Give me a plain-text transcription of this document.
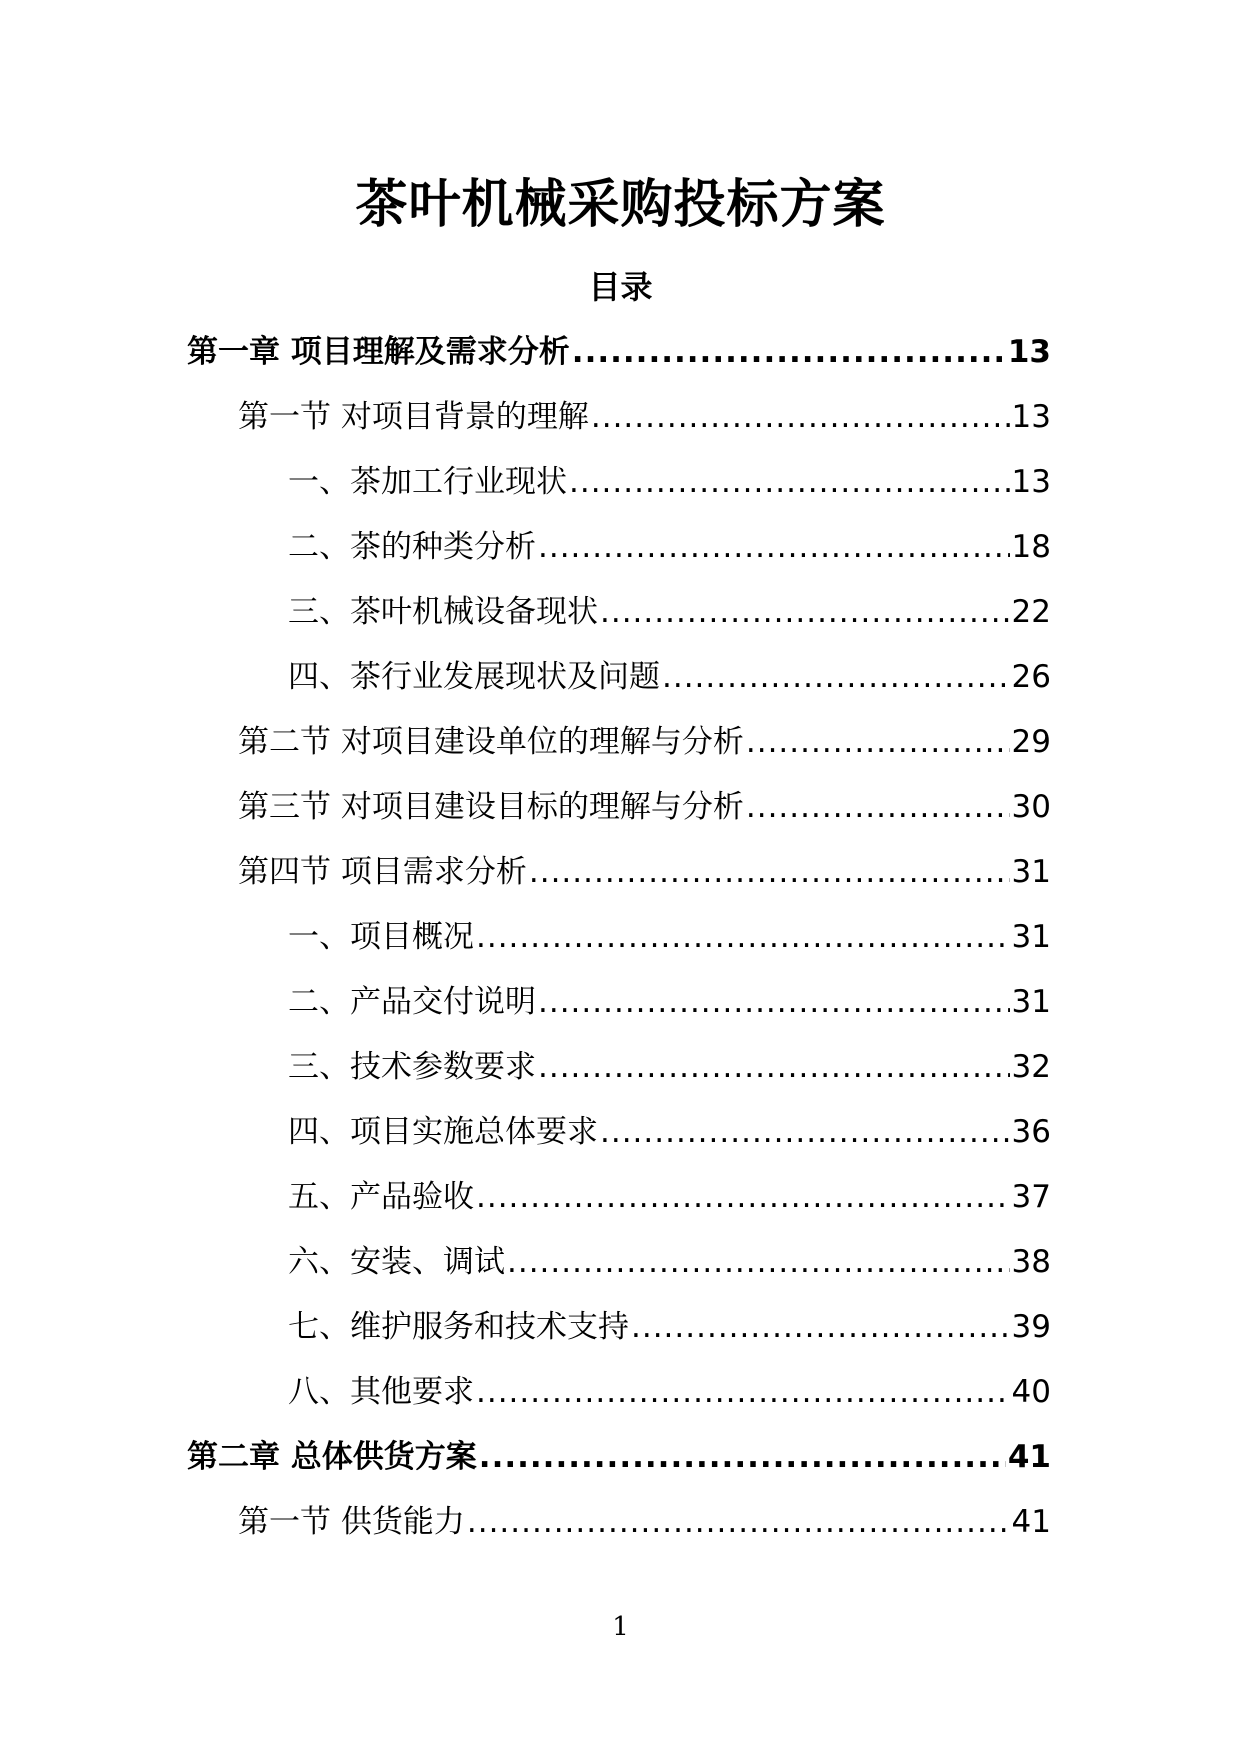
茶叶机械采购投标方案
目录
第一章 项目理解及需求分析 .....	13
第一节 对项目背景的理解 .....	13
一、茶加工行业现状 .....	13
二、茶的种类分析 .....	18
三、茶叶机械设备现状 .....	22
四、茶行业发展现状及问题 .....	26
第二节 对项目建设单位的理解与分析 .....	29
第三节 对项目建设目标的理解与分析 .....	30
第四节 项目需求分析 .....	31
一、项目概况 .....	31
二、产品交付说明 .....	31
三、技术参数要求 .....	32
四、项目实施总体要求 .....	36
五、产品验收 .....	37
六、安装、调试 .....	38
七、维护服务和技术支持 .....	39
八、其他要求 .....	40
第二章 总体供货方案 .....	41
第一节 供货能力 .....	41
1
